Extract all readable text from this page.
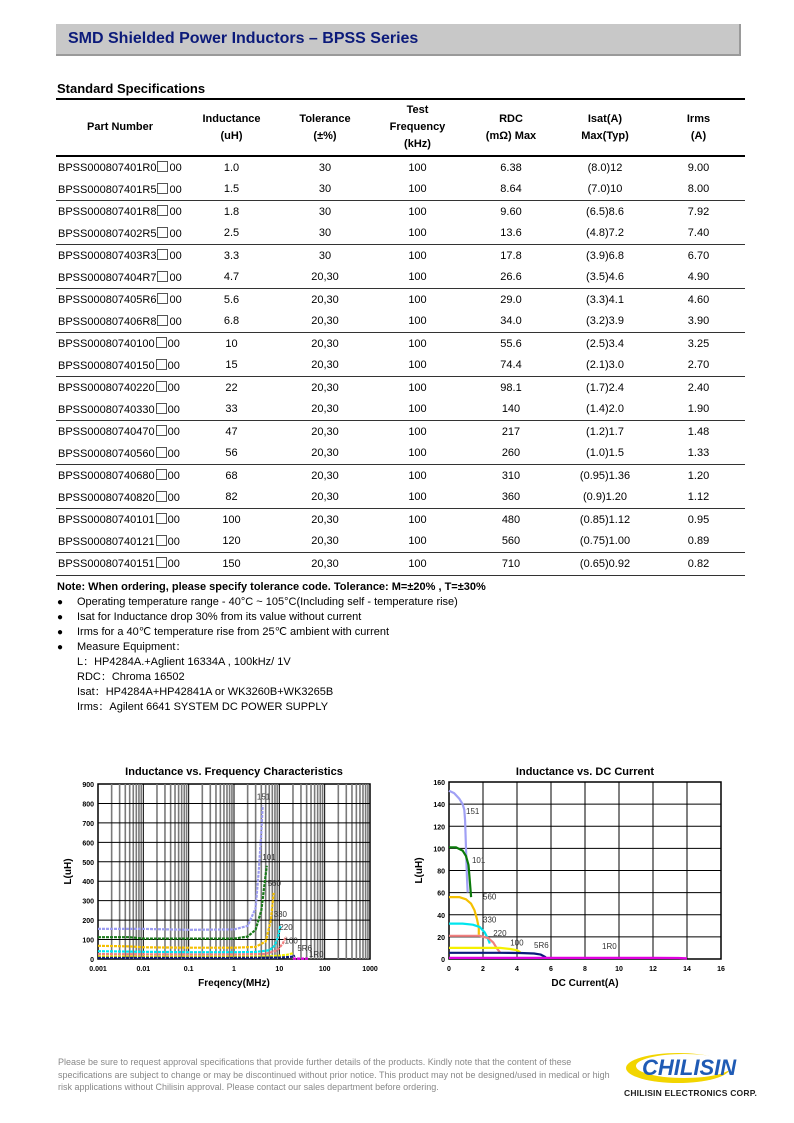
SMD Shielded Power Inductors – BPSS Series
Standard Specifications
Part Number

Inductance
(uH)

Tolerance
(±%)

Test
Frequency
(kHz)

RDC
(mΩ) Max

Isat(A)
Max(Typ)

Irms
(A)

BPSS000807401R0 00	1.0	30	100	6.38	(8.0)12	9.00
BPSS000807401R5 00	1.5	30	100	8.64	(7.0)10	8.00
BPSS000807401R8 00	1.8	30	100	9.60	(6.5)8.6	7.92
BPSS000807402R5 00	2.5	30	100	13.6	(4.8)7.2	7.40
BPSS000807403R3 00	3.3	30	100	17.8	(3.9)6.8	6.70
BPSS000807404R7 00	4.7	20,30	100	26.6	(3.5)4.6	4.90
BPSS000807405R6 00	5.6	20,30	100	29.0	(3.3)4.1	4.60
BPSS000807406R8 00	6.8	20,30	100	34.0	(3.2)3.9	3.90
BPSS00080740100 00	10	20,30	100	55.6	(2.5)3.4	3.25
BPSS00080740150 00	15	20,30	100	74.4	(2.1)3.0	2.70
BPSS00080740220 00	22	20,30	100	98.1	(1.7)2.4	2.40
BPSS00080740330 00	33	20,30	100	140	(1.4)2.0	1.90
BPSS00080740470 00	47	20,30	100	217	(1.2)1.7	1.48
BPSS00080740560 00	56	20,30	100	260	(1.0)1.5	1.33
BPSS00080740680 00	68	20,30	100	310	(0.95)1.36	1.20
BPSS00080740820 00	82	20,30	100	360	(0.9)1.20	1.12
BPSS00080740101 00	100	20,30	100	480	(0.85)1.12	0.95
BPSS00080740121 00	120	20,30	100	560	(0.75)1.00	0.89
BPSS00080740151 00	150	20,30	100	710	(0.65)0.92	0.82
Note: When ordering, please specify tolerance code. Tolerance: M=±20% , T=±30%
● Operating temperature range - 40°C ~ 105°C(Including self - temperature rise)
● Isat for Inductance drop 30% from its value without current
● Irms for a 40℃ temperature rise from 25℃ ambient with current
● Measure Equipment：
L：HP4284A.+Aglient 16334A , 100kHz/ 1V
RDC：Chroma 16502
Isat：HP4284A+HP42841A or WK3260B+WK3265B
Irms：Agilent 6641 SYSTEM DC POWER SUPPLY
Inductance vs. Frequency Characteristics
0
100
200
300
400
500
600
700
800
900
0.001	0.01	0.1	1	10	100	1000
151
101
560
330
220
100
5R6
1R0
Freqency(MHz)
L(uH)
Inductance vs. DC Current
0
20
40
60
80
100
120
140
160
0	2	4	6	8	10	12	14	16
151
101
560
330
220
100 5R6	1R0
DC Current(A)
L(uH)
Please be sure to request approval specifications that provide further details of the products. Kindly note that the content of these specifications are subject to change or may be discontinued without prior notice. This product may not be designed/used in medical or high risk applications without Chilisin approval. Please contact our sales department before ordering.
CHILISIN
CHILISIN ELECTRONICS CORP.
